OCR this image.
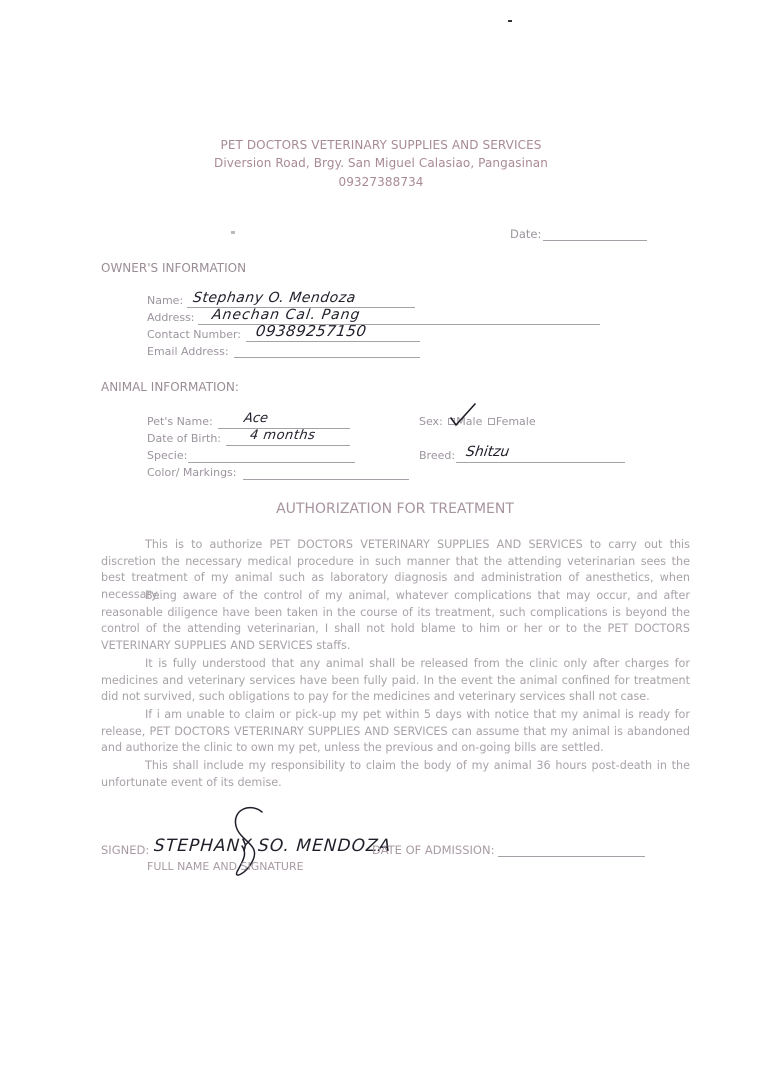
PET DOCTORS VETERINARY SUPPLIES AND SERVICES
Diversion Road, Brgy. San Miguel Calasiao, Pangasinan
09327388734
Date:
OWNER'S INFORMATION
Name: Stephany O. Mendoza
Address: Anechan Cal. Pang
Contact Number: 09389257150
Email Address:
ANIMAL INFORMATION:
Pet's Name: Ace
Date of Birth: 4 months
Specie:
Color/ Markings:
Sex: Male Female
Breed: Shitzu
AUTHORIZATION FOR TREATMENT
This is to authorize PET DOCTORS VETERINARY SUPPLIES AND SERVICES to carry out this discretion the necessary medical procedure in such manner that the attending veterinarian sees the best treatment of my animal such as laboratory diagnosis and administration of anesthetics, when necessary.
Being aware of the control of my animal, whatever complications that may occur, and after reasonable diligence have been taken in the course of its treatment, such complications is beyond the control of the attending veterinarian, I shall not hold blame to him or her or to the PET DOCTORS VETERINARY SUPPLIES AND SERVICES staffs.
It is fully understood that any animal shall be released from the clinic only after charges for medicines and veterinary services have been fully paid. In the event the animal confined for treatment did not survived, such obligations to pay for the medicines and veterinary services shall not case.
If i am unable to claim or pick-up my pet within 5 days with notice that my animal is ready for release, PET DOCTORS VETERINARY SUPPLIES AND SERVICES can assume that my animal is abandoned and authorize the clinic to own my pet, unless the previous and on-going bills are settled.
This shall include my responsibility to claim the body of my animal 36 hours post-death in the unfortunate event of its demise.
SIGNED: STEPHANY SO. MENDOZA
FULL NAME AND SIGNATURE
DATE OF ADMISSION:
